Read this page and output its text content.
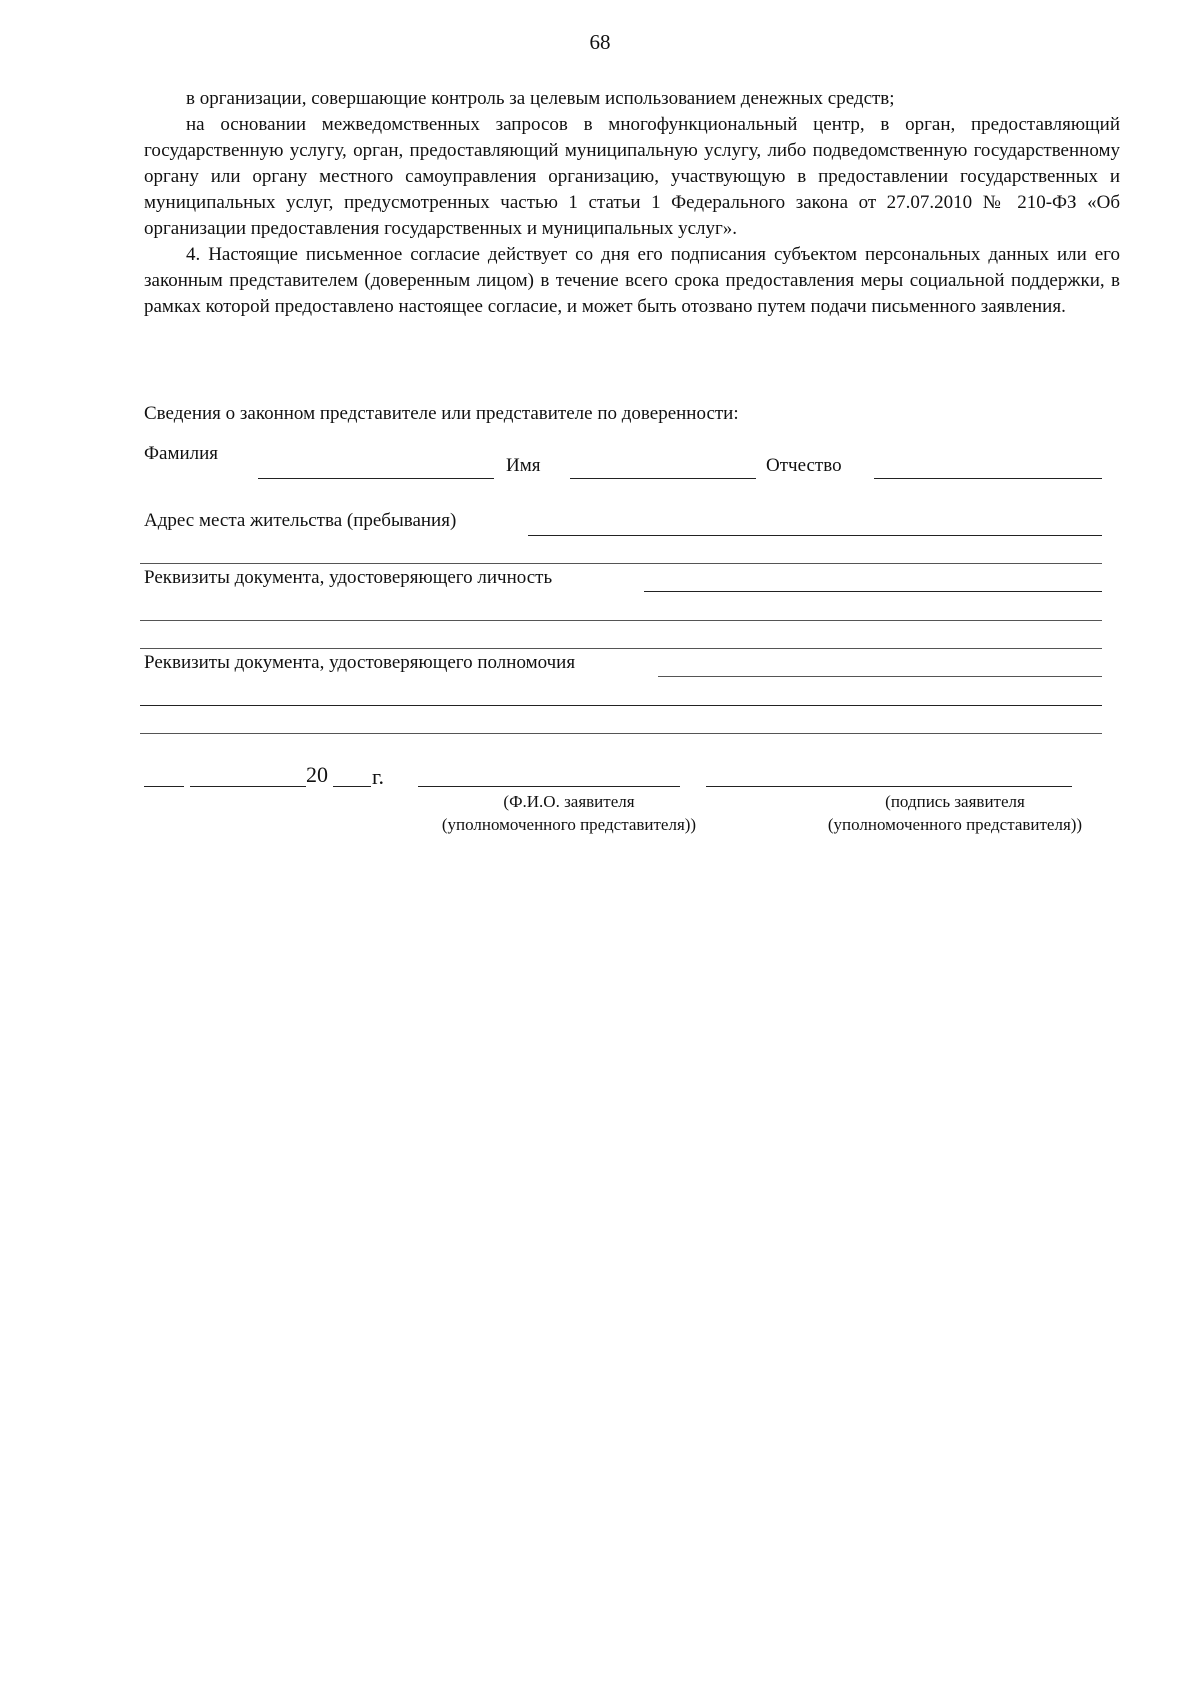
68

в организации, совершающие контроль за целевым использованием денежных средств;

на основании межведомственных запросов в многофункциональный центр, в орган, предоставляющий государственную услугу, орган, предоставляющий муниципальную услугу, либо подведомственную государственному органу или органу местного самоуправления организацию, участвующую в предоставлении государственных и муниципальных услуг, предусмотренных частью 1 статьи 1 Федерального закона от 27.07.2010 № 210-ФЗ «Об организации предоставления государственных и муниципальных услуг».

4. Настоящие письменное согласие действует со дня его подписания субъектом персональных данных или его законным представителем (доверенным лицом) в течение всего срока предоставления меры социальной поддержки, в рамках которой предоставлено настоящее согласие, и может быть отозвано путем подачи письменного заявления.

Сведения о законном представителе или представителе по доверенности:
Фамилия
Имя	Отчество
Адрес места жительства (пребывания)
Реквизиты документа, удостоверяющего личность
Реквизиты документа, удостоверяющего полномочия
20 г.
(Ф.И.О. заявителя
(уполномоченного представителя))
(подпись заявителя
(уполномоченного представителя))
